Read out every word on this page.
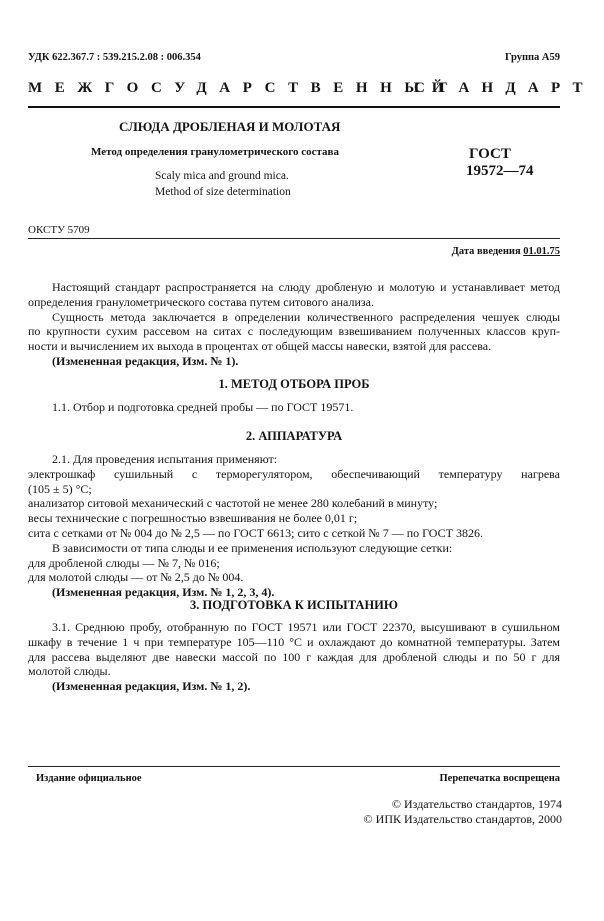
УДК 622.367.7 : 539.215.2.08 : 006.354	Группа А59
МЕЖГОСУДАРСТВЕННЫЙ
СТАНДАРТ
СЛЮДА ДРОБЛЕНАЯ И МОЛОТАЯ
Метод определения гранулометрического состава
Scaly mica and ground mica.
Method of size determination
ГОСТ
19572—74
ОКСТУ 5709
Дата введения 01.01.75
Настоящий стандарт распространяется на слюду дробленую и молотую и устанавливает метод
определения гранулометрического состава путем ситового анализа.
Сущность метода заключается в определении количественного распределения чешуек слюды
по крупности сухим рассевом на ситах с последующим взвешиванием полученных классов круп-
ности и вычислением их выхода в процентах от общей массы навески, взятой для рассева.
(Измененная редакция, Изм. № 1).
1. МЕТОД ОТБОРА ПРОБ
1.1. Отбор и подготовка средней пробы — по ГОСТ 19571.
2. АППАРАТУРА
2.1. Для проведения испытания применяют:
электрошкаф сушильный с терморегулятором, обеспечивающий температуру нагрева
(105 ± 5) °С;
анализатор ситовой механический с частотой не менее 280 колебаний в минуту;
весы технические с погрешностью взвешивания не более 0,01 г;
сита с сетками от № 004 до № 2,5 — по ГОСТ 6613; сито с сеткой № 7 — по ГОСТ 3826.
В зависимости от типа слюды и ее применения используют следующие сетки:
для дробленой слюды — № 7, № 016;
для молотой слюды — от № 2,5 до № 004.
(Измененная редакция, Изм. № 1, 2, 3, 4).
3. ПОДГОТОВКА К ИСПЫТАНИЮ
3.1. Среднюю пробу, отобранную по ГОСТ 19571 или ГОСТ 22370, высушивают в сушильном
шкафу в течение 1 ч при температуре 105—110 °С и охлаждают до комнатной температуры. Затем
для рассева выделяют две навески массой по 100 г каждая для дробленой слюды и по 50 г для
молотой слюды.
(Измененная редакция, Изм. № 1, 2).
Издание официальное	Перепечатка воспрещена
© Издательство стандартов, 1974
© ИПК Издательство стандартов, 2000
